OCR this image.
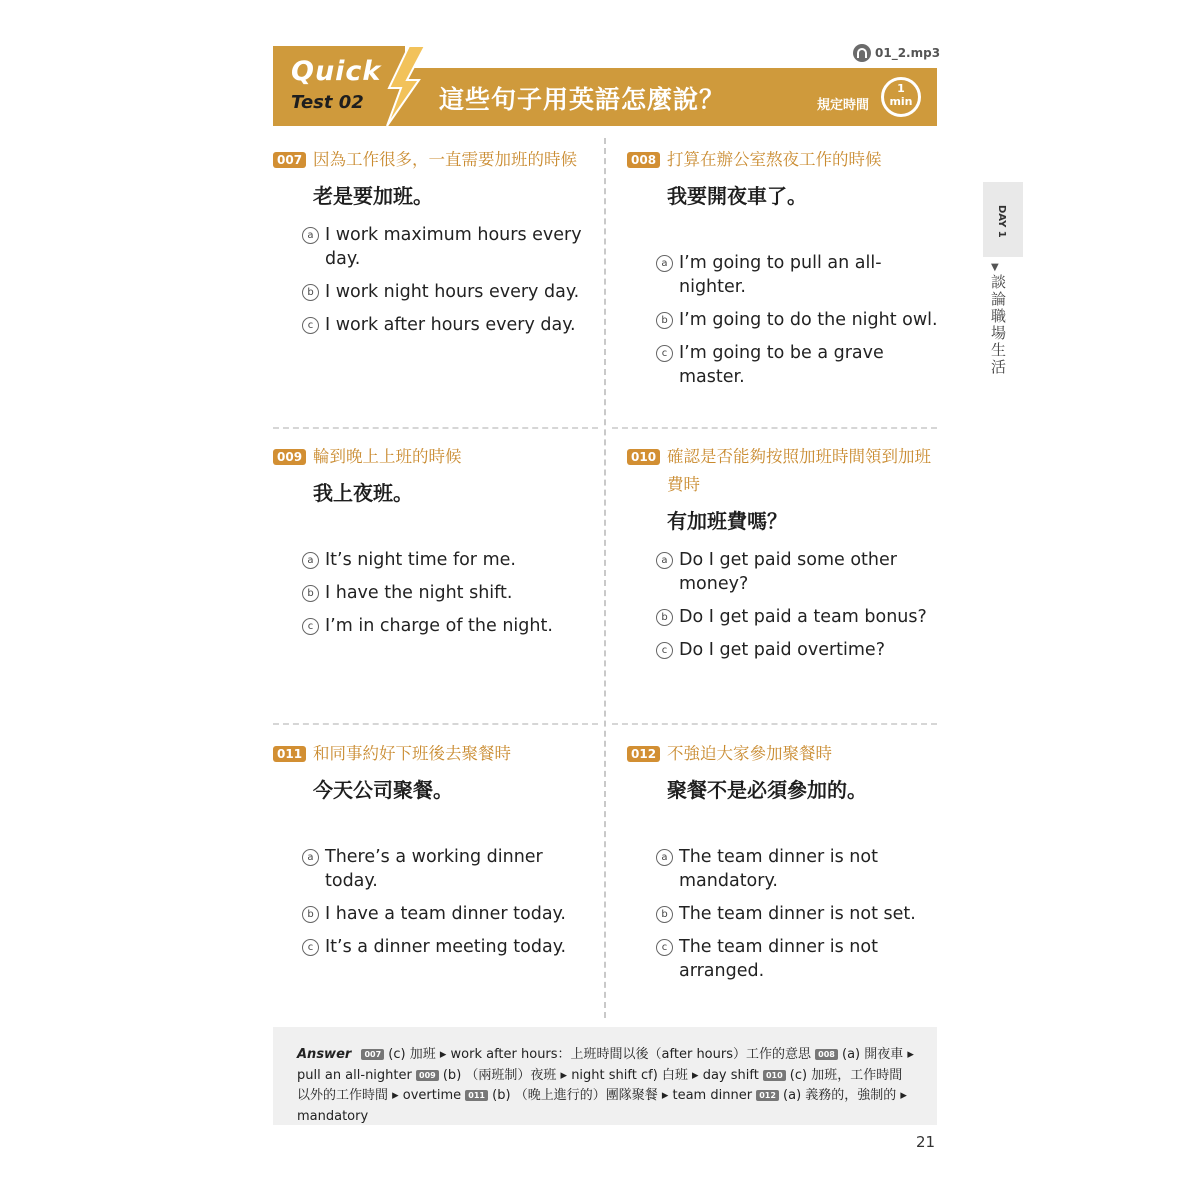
Quick
Test 02	這些句子用英語怎麼說？	規定時間
1
min
01_2.mp3
007 因為工作很多，一直需要加班的時候
老是要加班。
a I work maximum hours every day.
b I work night hours every day.
c I work after hours every day.
008 打算在辦公室熬夜工作的時候
我要開夜車了。
a I’m going to pull an all-nighter.
b I’m going to do the night owl.
c I’m going to be a grave master.
009 輪到晚上上班的時候
我上夜班。
a It’s night time for me.
b I have the night shift.
c I’m in charge of the night.
010 確認是否能夠按照加班時間領到加班費時
有加班費嗎？
a Do I get paid some other money?
b Do I get paid a team bonus?
c Do I get paid overtime?
011 和同事約好下班後去聚餐時
今天公司聚餐。
a There’s a working dinner today.
b I have a team dinner today.
c It’s a dinner meeting today.
012 不強迫大家參加聚餐時
聚餐不是必須參加的。
a The team dinner is not mandatory.
b The team dinner is not set.
c The team dinner is not arranged.
DAY 1
▼
談論職場生活
Answer 007 (c) 加班 ▸ work after hours：上班時間以後（after hours）工作的意思 008 (a) 開夜車 ▸ pull an all-nighter 009 (b) （兩班制）夜班 ▸ night shift cf) 白班 ▸ day shift 010 (c) 加班，工作時間以外的工作時間 ▸ overtime 011 (b) （晚上進行的）團隊聚餐 ▸ team dinner 012 (a) 義務的，強制的 ▸ mandatory
21
